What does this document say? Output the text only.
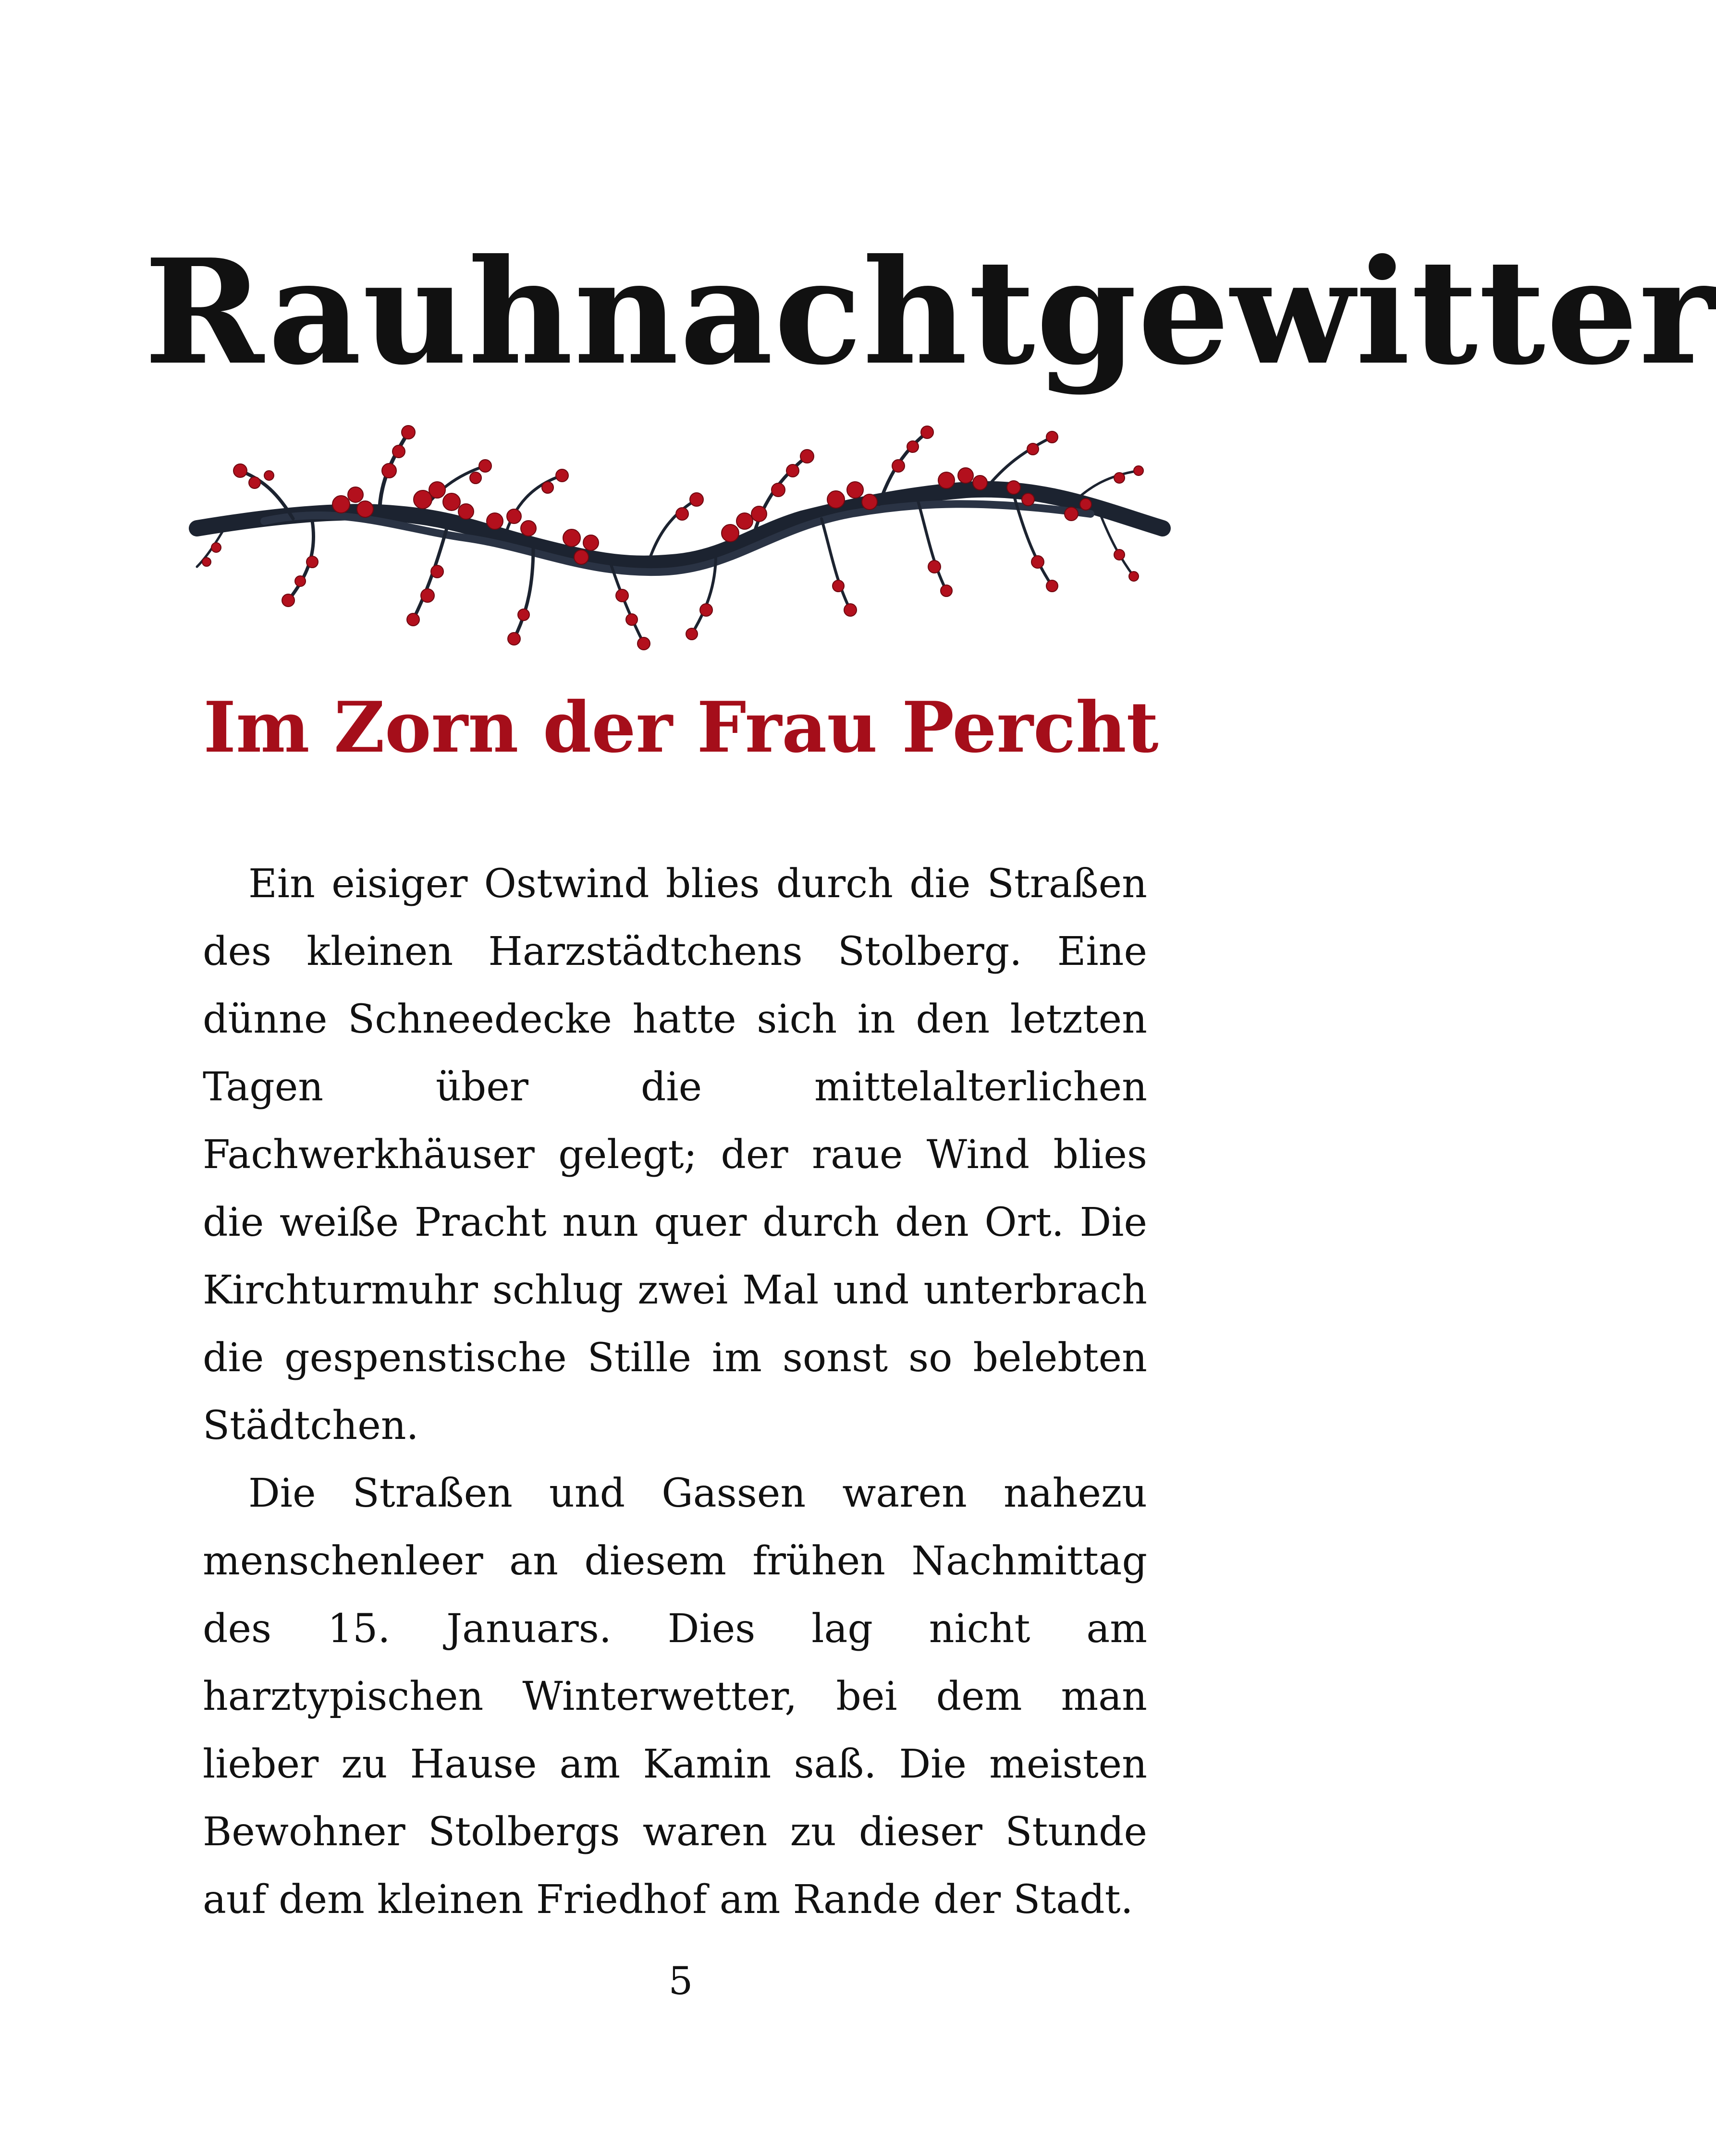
Rauhnachtgewitter
Im Zorn der Frau Percht

Ein eisiger Ostwind blies durch die Straßen des kleinen Harzstädtchens Stolberg. Eine dünne Schneedecke hatte sich in den letzten Tagen über die mittelalterlichen Fachwerkhäuser gelegt; der raue Wind blies die weiße Pracht nun quer durch den Ort. Die Kirchturmuhr schlug zwei Mal und unterbrach die gespenstische Stille im sonst so belebten Städtchen.

Die Straßen und Gassen waren nahezu menschenleer an diesem frühen Nachmittag des 15. Januars. Dies lag nicht am harztypischen Winterwetter, bei dem man lieber zu Hause am Kamin saß. Die meisten Bewohner Stolbergs waren zu dieser Stunde auf dem kleinen Friedhof am Rande der Stadt.

5
